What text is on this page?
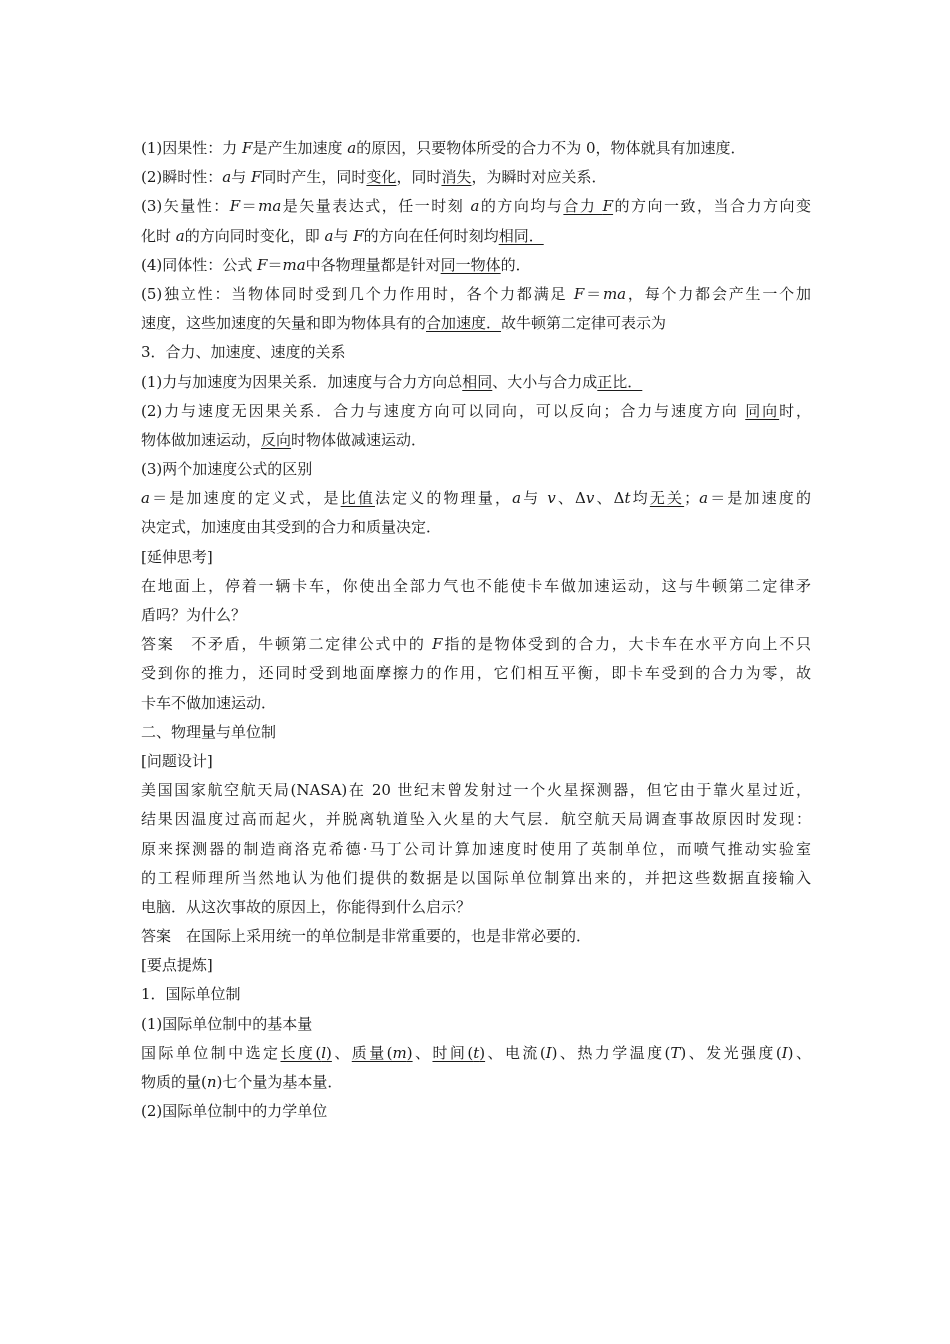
(1)因果性：力 F是产生加速度 a的原因，只要物体所受的合力不为 0，物体就具有加速度．
(2)瞬时性：a与 F同时产生，同时变化，同时消失，为瞬时对应关系．
(3)矢量性：F＝ma是矢量表达式，任一时刻 a的方向均与合力 F的方向一致，当合力方向变
化时 a的方向同时变化，即 a与 F的方向在任何时刻均相同．
(4)同体性：公式 F＝ma中各物理量都是针对同一物体的．
(5)独立性：当物体同时受到几个力作用时，各个力都满足 F＝ma，每个力都会产生一个加
速度，这些加速度的矢量和即为物体具有的合加速度．故牛顿第二定律可表示为
3．合力、加速度、速度的关系
(1)力与加速度为因果关系．加速度与合力方向总相同、大小与合力成正比．
(2)力与速度无因果关系．合力与速度方向可以同向，可以反向；合力与速度方向 同向时，
物体做加速运动，反向时物体做减速运动．
(3)两个加速度公式的区别
a＝是加速度的定义式，是比值法定义的物理量，a与 v、Δv、Δt均无关；a＝是加速度的
决定式，加速度由其受到的合力和质量决定．
[延伸思考]
在地面上，停着一辆卡车，你使出全部力气也不能使卡车做加速运动，这与牛顿第二定律矛
盾吗？为什么？
答案　不矛盾，牛顿第二定律公式中的 F指的是物体受到的合力，大卡车在水平方向上不只
受到你的推力，还同时受到地面摩擦力的作用，它们相互平衡，即卡车受到的合力为零，故
卡车不做加速运动．
二、物理量与单位制
[问题设计]
美国国家航空航天局(NASA)在 20 世纪末曾发射过一个火星探测器，但它由于靠火星过近，
结果因温度过高而起火，并脱离轨道坠入火星的大气层．航空航天局调查事故原因时发现：
原来探测器的制造商洛克希德·马丁公司计算加速度时使用了英制单位，而喷气推动实验室
的工程师理所当然地认为他们提供的数据是以国际单位制算出来的，并把这些数据直接输入
电脑．从这次事故的原因上，你能得到什么启示？
答案　在国际上采用统一的单位制是非常重要的，也是非常必要的．
[要点提炼]
1．国际单位制
(1)国际单位制中的基本量
国际单位制中选定长度(l)、质量(m)、时间(t)、电流(I)、热力学温度(T)、发光强度(I)、
物质的量(n)七个量为基本量．
(2)国际单位制中的力学单位
